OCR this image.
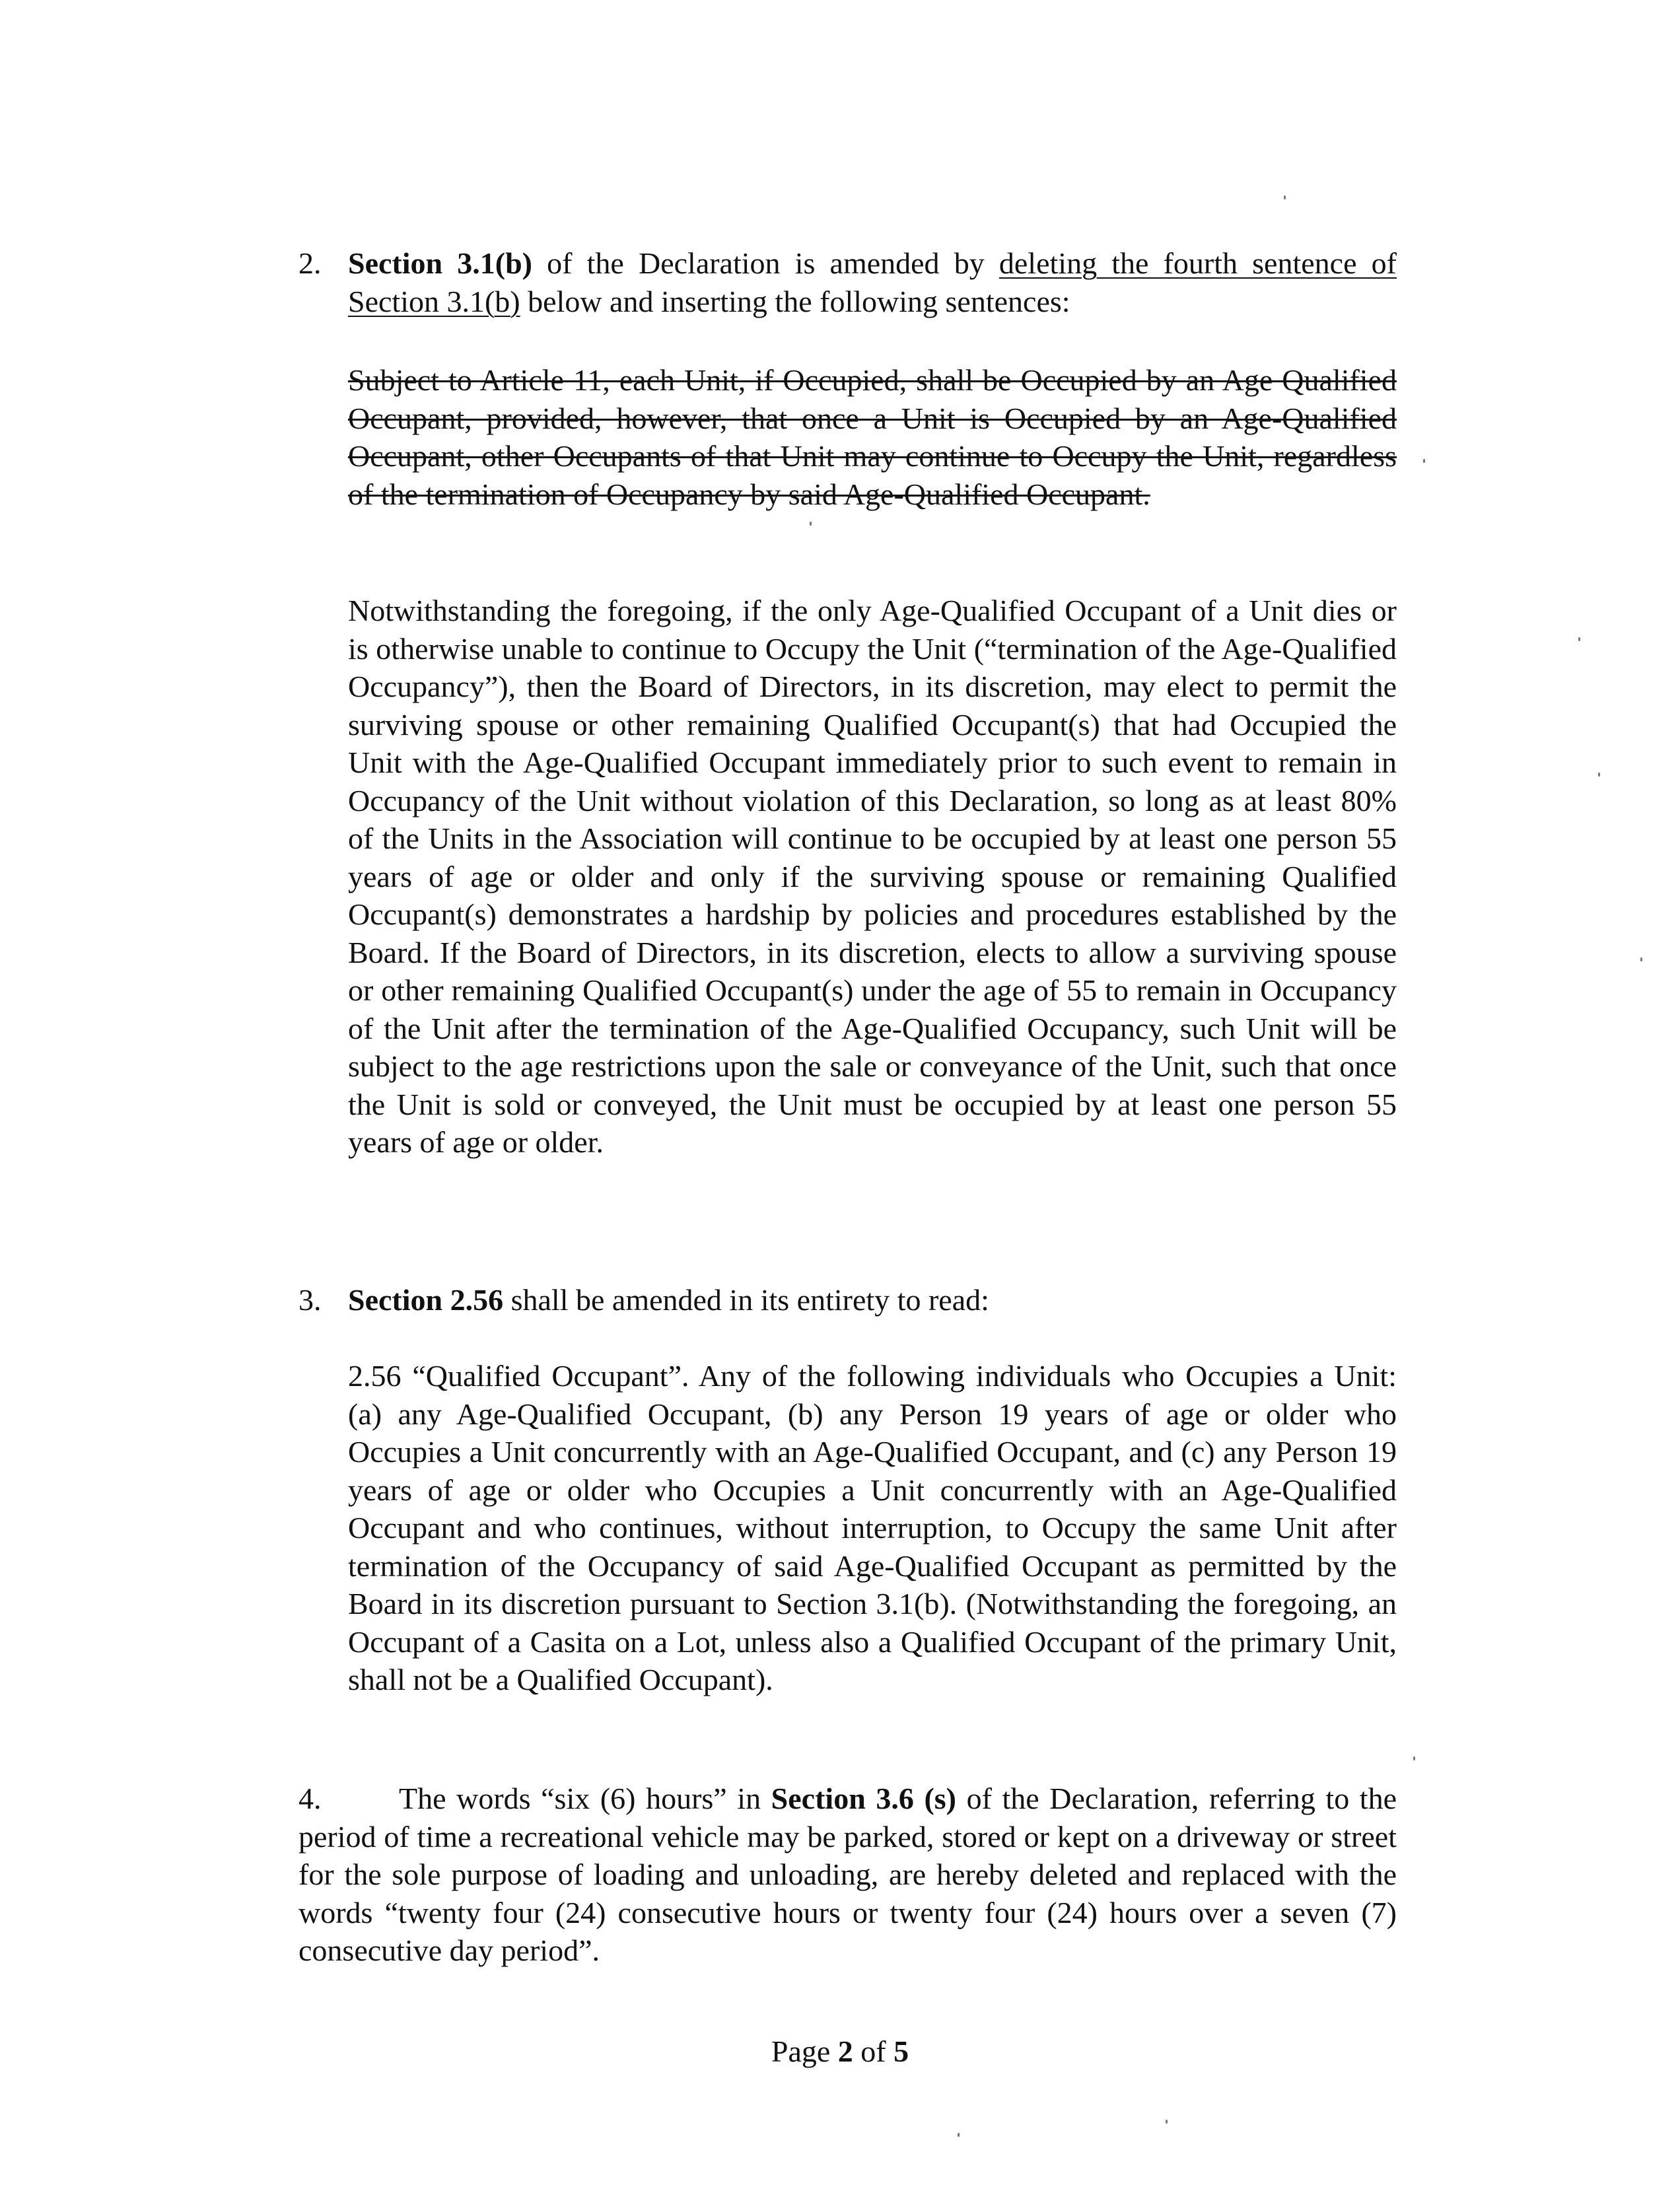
2. Section 3.1(b) of the Declaration is amended by deleting the fourth sentence of Section 3.1(b) below and inserting the following sentences:

Subject to Article 11, each Unit, if Occupied, shall be Occupied by an Age Qualified Occupant, provided, however, that once a Unit is Occupied by an Age-Qualified Occupant, other Occupants of that Unit may continue to Occupy the Unit, regardless of the termination of Occupancy by said Age-Qualified Occupant.

Notwithstanding the foregoing, if the only Age-Qualified Occupant of a Unit dies or is otherwise unable to continue to Occupy the Unit (“termination of the Age-Qualified Occupancy”), then the Board of Directors, in its discretion, may elect to permit the surviving spouse or other remaining Qualified Occupant(s) that had Occupied the Unit with the Age-Qualified Occupant immediately prior to such event to remain in Occupancy of the Unit without violation of this Declaration, so long as at least 80% of the Units in the Association will continue to be occupied by at least one person 55 years of age or older and only if the surviving spouse or remaining Qualified Occupant(s) demonstrates a hardship by policies and procedures established by the Board. If the Board of Directors, in its discretion, elects to allow a surviving spouse or other remaining Qualified Occupant(s) under the age of 55 to remain in Occupancy of the Unit after the termination of the Age-Qualified Occupancy, such Unit will be subject to the age restrictions upon the sale or conveyance of the Unit, such that once the Unit is sold or conveyed, the Unit must be occupied by at least one person 55 years of age or older.

3. Section 2.56 shall be amended in its entirety to read:

2.56 “Qualified Occupant”. Any of the following individuals who Occupies a Unit: (a) any Age-Qualified Occupant, (b) any Person 19 years of age or older who Occupies a Unit concurrently with an Age-Qualified Occupant, and (c) any Person 19 years of age or older who Occupies a Unit concurrently with an Age-Qualified Occupant and who continues, without interruption, to Occupy the same Unit after termination of the Occupancy of said Age-Qualified Occupant as permitted by the Board in its discretion pursuant to Section 3.1(b). (Notwithstanding the foregoing, an Occupant of a Casita on a Lot, unless also a Qualified Occupant of the primary Unit, shall not be a Qualified Occupant).

4.	The words “six (6) hours” in Section 3.6 (s) of the Declaration, referring to the period of time a recreational vehicle may be parked, stored or kept on a driveway or street for the sole purpose of loading and unloading, are hereby deleted and replaced with the words “twenty four (24) consecutive hours or twenty four (24) hours over a seven (7) consecutive day period”.

Page 2 of 5
